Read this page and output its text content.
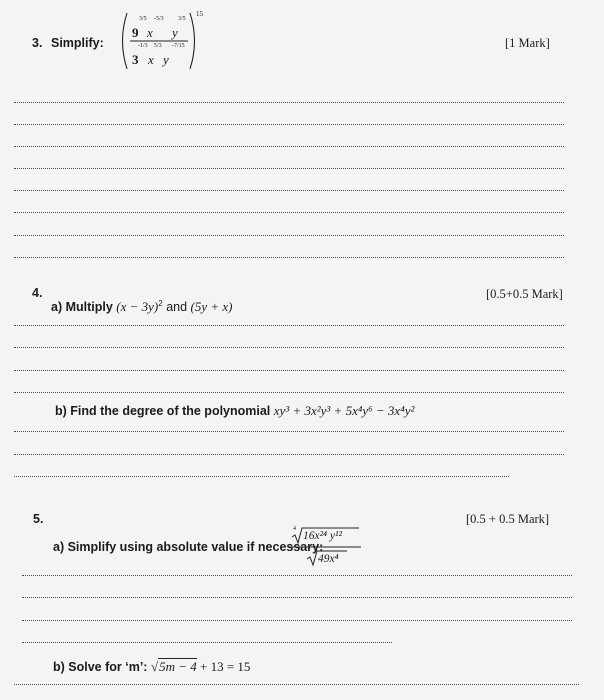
3. Simplify:
15
9
3/5
x
-5/3
y
3/5
3
-1/3
x
5/3
y
-7/15	[1 Mark]
4.	[0.5+0.5 Mark]
a) Multiply $(x - 3y)^2$ and (5y + x)
b) Find the degree of the polynomial xy³ + 3x²y³ + 5x⁴y⁶ − 3x⁴y²
5.	[0.5 + 0.5 Mark]
a) Simplify using absolute value if necessary:
4
16x²⁴ y¹²
49x⁴
b) Solve for ‘m’: √5m − 4 + 13 = 15
